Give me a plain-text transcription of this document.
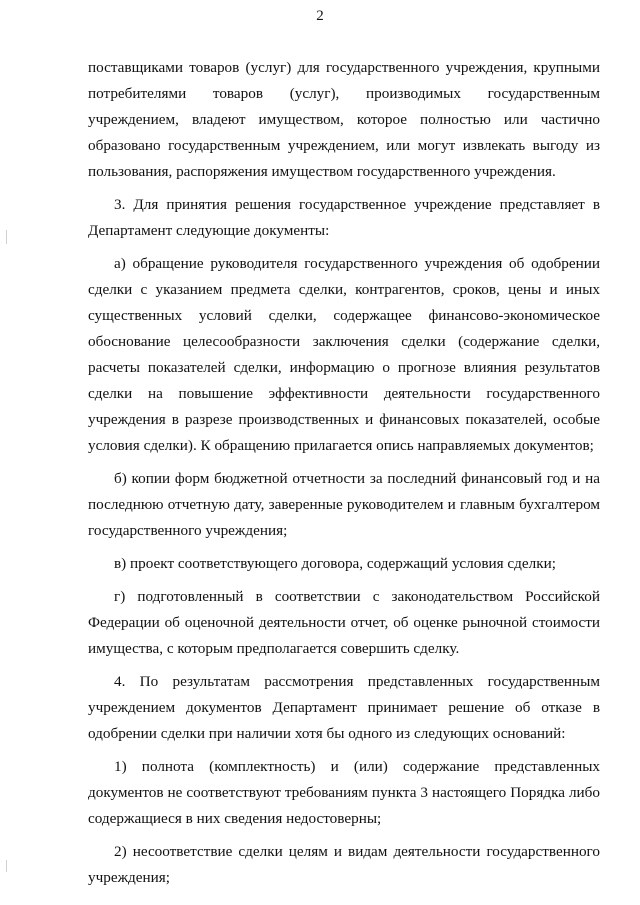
2

поставщиками товаров (услуг) для государственного учреждения, крупными потребителями товаров (услуг), производимых государственным учреждением, владеют имуществом, которое полностью или частично образовано государственным учреждением, или могут извлекать выгоду из пользования, распоряжения имуществом государственного учреждения.

3. Для принятия решения государственное учреждение представляет в Департамент следующие документы:

а) обращение руководителя государственного учреждения об одобрении сделки с указанием предмета сделки, контрагентов, сроков, цены и иных существенных условий сделки, содержащее финансово-экономическое обоснование целесообразности заключения сделки (содержание сделки, расчеты показателей сделки, информацию о прогнозе влияния результатов сделки на повышение эффективности деятельности государственного учреждения в разрезе производственных и финансовых показателей, особые условия сделки). К обращению прилагается опись направляемых документов;

б) копии форм бюджетной отчетности за последний финансовый год и на последнюю отчетную дату, заверенные руководителем и главным бухгалтером государственного учреждения;

в) проект соответствующего договора, содержащий условия сделки;

г) подготовленный в соответствии с законодательством Российской Федерации об оценочной деятельности отчет, об оценке рыночной стоимости имущества, с которым предполагается совершить сделку.

4. По результатам рассмотрения представленных государственным учреждением документов Департамент принимает решение об отказе в одобрении сделки при наличии хотя бы одного из следующих оснований:

1) полнота (комплектность) и (или) содержание представленных документов не соответствуют требованиям пункта 3 настоящего Порядка либо содержащиеся в них сведения недостоверны;

2) несоответствие сделки целям и видам деятельности государственного учреждения;
